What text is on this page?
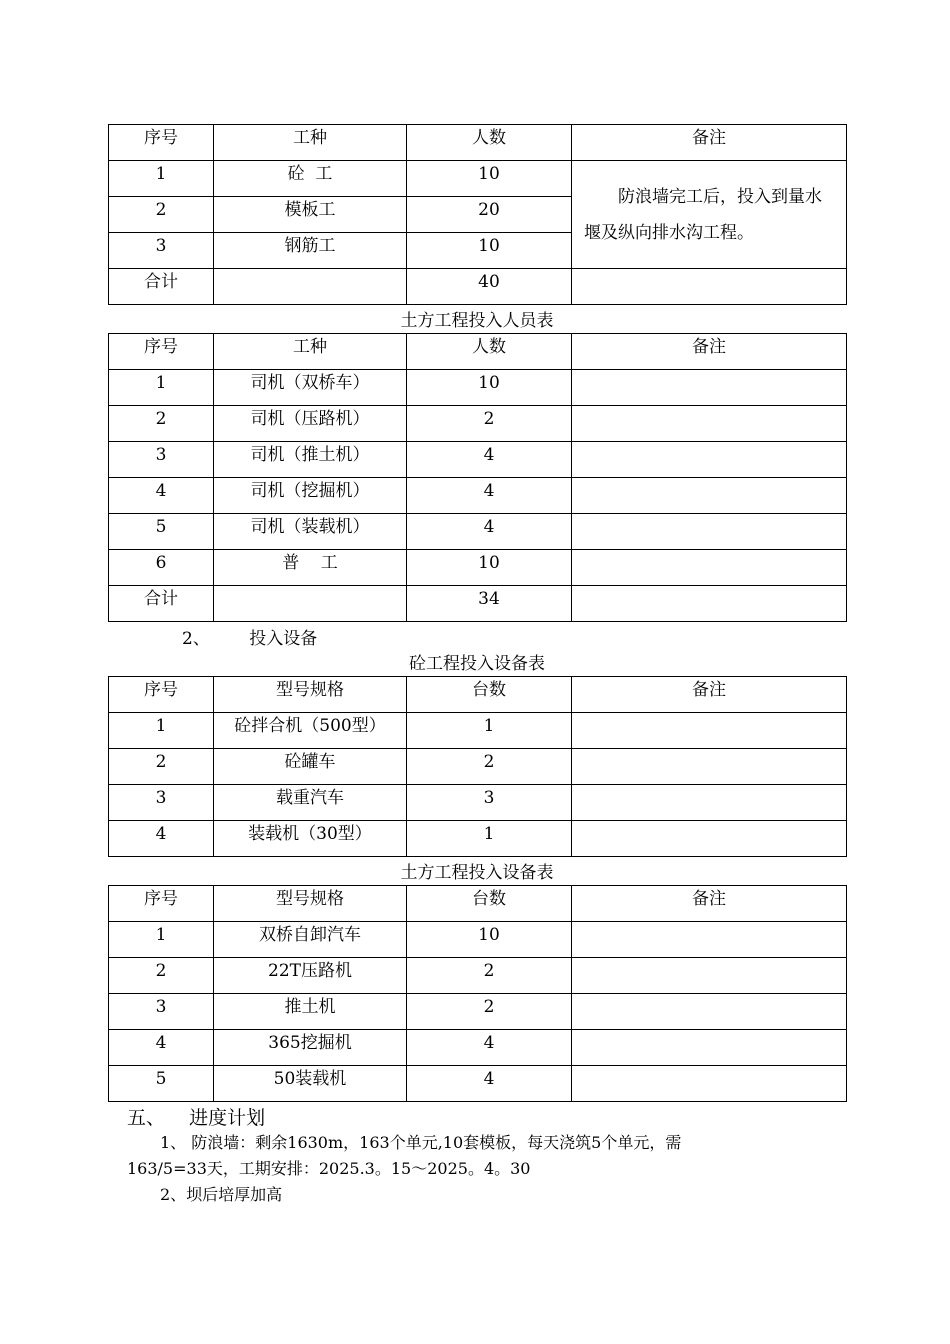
序号	工种	人数	备注
1	砼  工	10	防浪墙完工后，投入到量水堰及纵向排水沟工程。

2	模板工	20	
3	钢筋工	10	
合计		40	
土方工程投入人员表
序号	工种	人数	备注
1	司机（双桥车）	10	
2	司机（压路机）	2	
3	司机（推土机）	4	
4	司机（挖掘机）	4	
5	司机（装载机）	4	
6	普    工	10	
合计		34	
2、 投入设备
砼工程投入设备表
序号	型号规格	台数	备注
1	砼拌合机（500型）	1	
2	砼罐车	2	
3	载重汽车	3	
4	装载机（30型）	1	
土方工程投入设备表
序号	型号规格	台数	备注
1	双桥自卸汽车	10	
2	22T压路机	2	
3	推土机	2	
4	365挖掘机	4	
5	50装载机	4	
五、 进度计划
1、 防浪墙：剩余1630m，163个单元,10套模板，每天浇筑5个单元，需
163/5=33天，工期安排：2025.3。15～2025。4。30
2、坝后培厚加高
